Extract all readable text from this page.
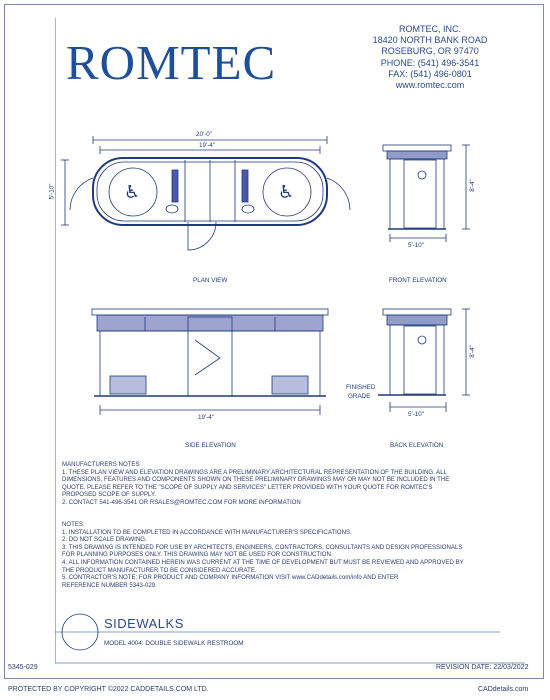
ROMTEC
ROMTEC, INC.
18420 NORTH BANK ROAD
ROSEBURG, OR 97470
PHONE: (541) 496-3541
FAX: (541) 496-0801
www.romtec.com
♿	♿
20'-0"
19'-4"
5'-10"	8'-4"
5'-10"
19'-4"
8'-4"
5'-10"
PLAN VIEW	FRONT ELEVATION
SIDE ELEVATION	BACK ELEVATION
FINISHED
GRADE
MANUFACTURERS NOTES
1. THESE PLAN VIEW AND ELEVATION DRAWINGS ARE A PRELIMINARY ARCHITECTURAL REPRESENTATION OF THE BUILDING. ALL
DIMENSIONS, FEATURES AND COMPONENTS SHOWN ON THESE PRELIMINARY DRAWINGS MAY OR MAY NOT BE INCLUDED IN THE
QUOTE. PLEASE REFER TO THE "SCOPE OF SUPPLY AND SERVICES" LETTER PROVIDED WITH YOUR QUOTE FOR ROMTEC'S
PROPOSED SCOPE OF SUPPLY.
2. CONTACT 541-496-3541 OR RSALES@ROMTEC.COM FOR MORE INFORMATION
NOTES:
1. INSTALLATION TO BE COMPLETED IN ACCORDANCE WITH MANUFACTURER'S SPECIFICATIONS.
2. DO NOT SCALE DRAWING.
3. THIS DRAWING IS INTENDED FOR USE BY ARCHITECTS, ENGINEERS, CONTRACTORS, CONSULTANTS AND DESIGN PROFESSIONALS
FOR PLANNING PURPOSES ONLY. THIS DRAWING MAY NOT BE USED FOR CONSTRUCTION.
4. ALL INFORMATION CONTAINED HEREIN WAS CURRENT AT THE TIME OF DEVELOPMENT BUT MUST BE REVIEWED AND APPROVED BY
THE PRODUCT MANUFACTURER TO BE CONSIDERED ACCURATE.
5. CONTRACTOR'S NOTE: FOR PRODUCT AND COMPANY INFORMATION VISIT www.CADdetails.com/info AND ENTER
REFERENCE NUMBER 5343-029.
SIDEWALKS
MODEL 4004: DOUBLE SIDEWALK RESTROOM
5345-029	REVISION DATE: 22/03/2022
PROTECTED BY COPYRIGHT ©2022 CADDETAILS.COM LTD.	CADdetails.com
